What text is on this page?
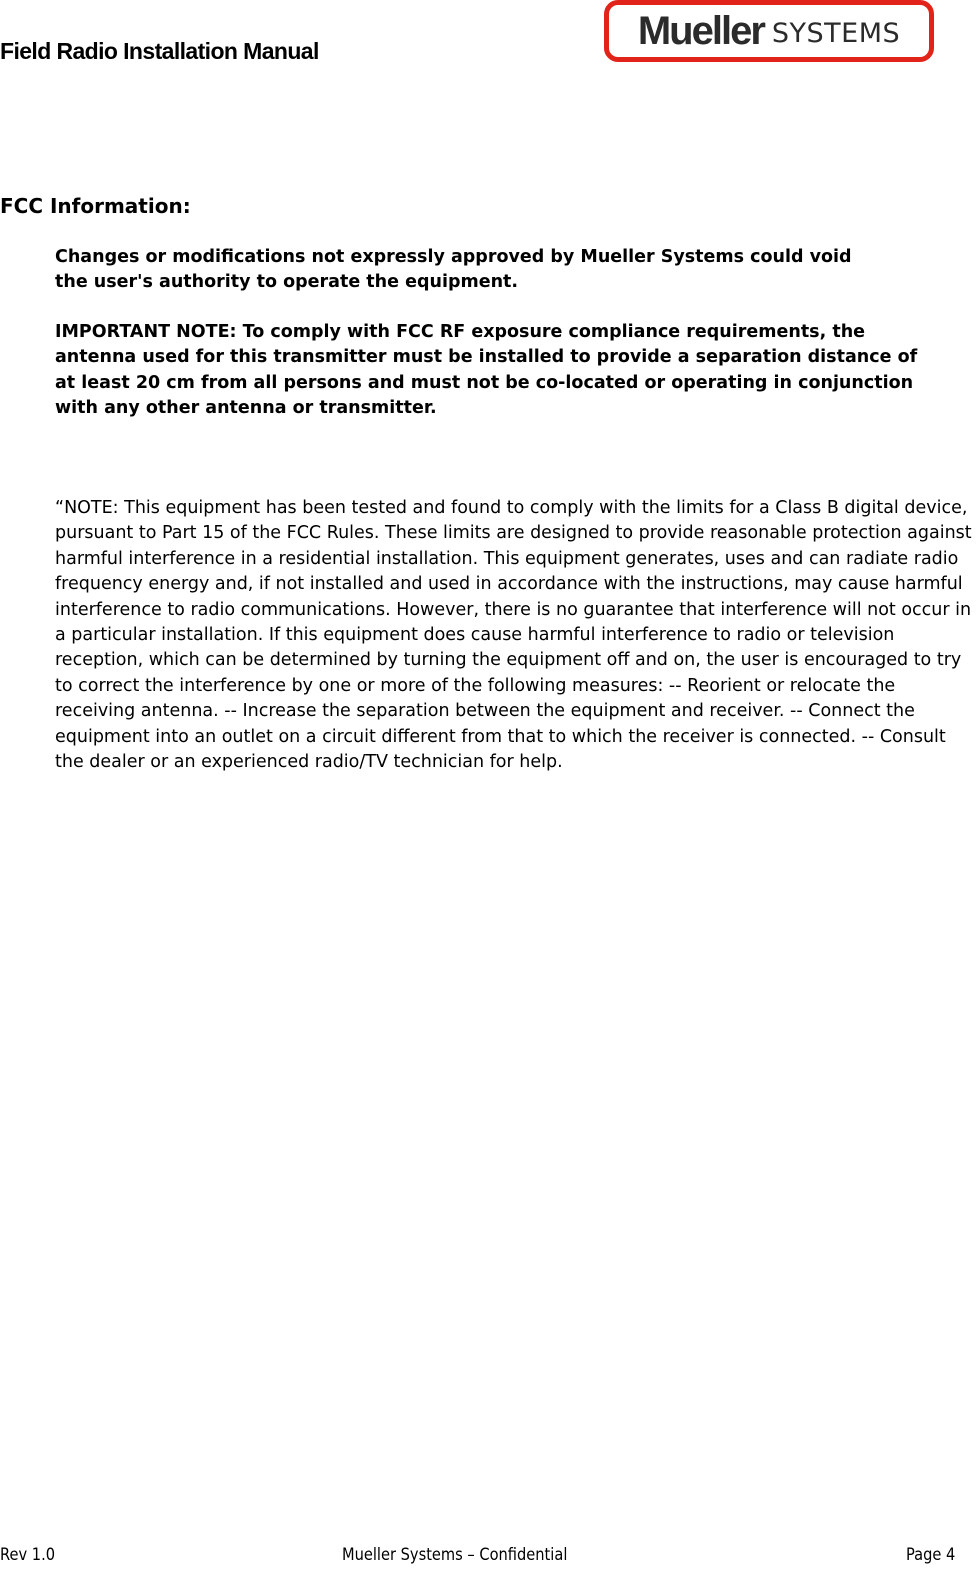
Field Radio Installation Manual	Mueller SYSTEMS
FCC Information:

Changes or modifications not expressly approved by Mueller Systems could void the user's authority to operate the equipment.

IMPORTANT NOTE: To comply with FCC RF exposure compliance requirements, the antenna used for this transmitter must be installed to provide a separation distance of at least 20 cm from all persons and must not be co-located or operating in conjunction with any other antenna or transmitter.

“NOTE: This equipment has been tested and found to comply with the limits for a Class B digital device, pursuant to Part 15 of the FCC Rules. These limits are designed to provide reasonable protection against harmful interference in a residential installation. This equipment generates, uses and can radiate radio frequency energy and, if not installed and used in accordance with the instructions, may cause harmful interference to radio communications. However, there is no guarantee that interference will not occur in a particular installation. If this equipment does cause harmful interference to radio or television reception, which can be determined by turning the equipment off and on, the user is encouraged to try to correct the interference by one or more of the following measures: -- Reorient or relocate the receiving antenna. -- Increase the separation between the equipment and receiver. -- Connect the equipment into an outlet on a circuit different from that to which the receiver is connected. -- Consult the dealer or an experienced radio/TV technician for help.

Rev 1.0	Mueller Systems – Confidential	Page 4
